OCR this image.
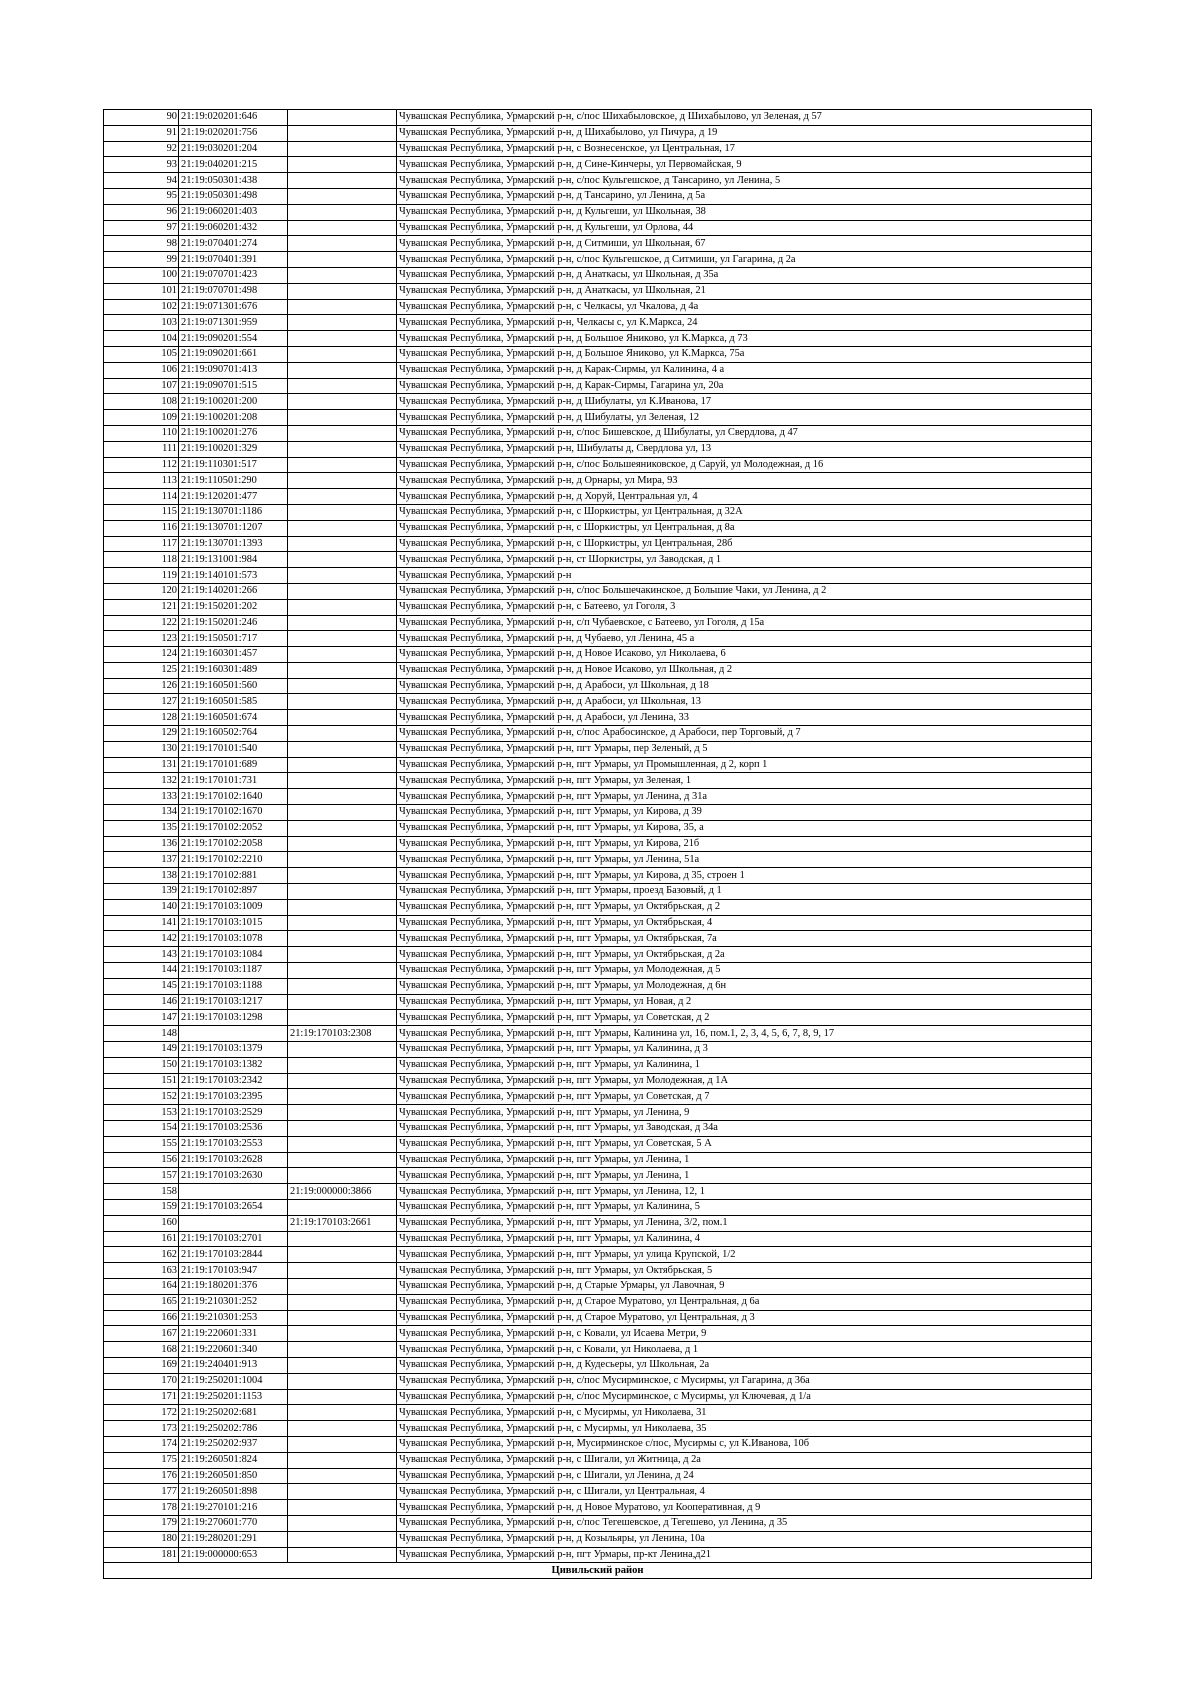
90	21:19:020201:646		Чувашская Республика, Урмарский р-н, с/пос Шихабыловское, д Шихабылово, ул Зеленая, д 57
91	21:19:020201:756		Чувашская Республика, Урмарский р-н, д Шихабылово, ул Пичура, д 19
92	21:19:030201:204		Чувашская Республика, Урмарский р-н, с Вознесенское, ул Центральная, 17
93	21:19:040201:215		Чувашская Республика, Урмарский р-н, д Сине-Кинчеры, ул Первомайская, 9
94	21:19:050301:438		Чувашская Республика, Урмарский р-н, с/пос Кульгешское, д Тансарино, ул Ленина, 5
95	21:19:050301:498		Чувашская Республика, Урмарский р-н, д Тансарино, ул Ленина, д 5а
96	21:19:060201:403		Чувашская Республика, Урмарский р-н, д Кульгеши, ул Школьная, 38
97	21:19:060201:432		Чувашская Республика, Урмарский р-н, д Кульгеши, ул Орлова, 44
98	21:19:070401:274		Чувашская Республика, Урмарский р-н, д Ситмиши, ул Школьная, 67
99	21:19:070401:391		Чувашская Республика, Урмарский р-н, с/пос Кульгешское, д Ситмиши, ул Гагарина, д 2а
100	21:19:070701:423		Чувашская Республика, Урмарский р-н, д Анаткасы, ул Школьная, д 35а
101	21:19:070701:498		Чувашская Республика, Урмарский р-н, д Анаткасы, ул Школьная, 21
102	21:19:071301:676		Чувашская Республика, Урмарский р-н, с Челкасы, ул Чкалова, д 4а
103	21:19:071301:959		Чувашская Республика, Урмарский р-н, Челкасы с, ул К.Маркса, 24
104	21:19:090201:554		Чувашская Республика, Урмарский р-н, д Большое Яниково, ул К.Маркса, д 73
105	21:19:090201:661		Чувашская Республика, Урмарский р-н, д Большое Яниково, ул К.Маркса, 75а
106	21:19:090701:413		Чувашская Республика, Урмарский р-н, д Карак-Сирмы, ул Калинина, 4 а
107	21:19:090701:515		Чувашская Республика, Урмарский р-н, д Карак-Сирмы, Гагарина ул, 20а
108	21:19:100201:200		Чувашская Республика, Урмарский р-н, д Шибулаты, ул К.Иванова, 17
109	21:19:100201:208		Чувашская Республика, Урмарский р-н, д Шибулаты, ул Зеленая, 12
110	21:19:100201:276		Чувашская Республика, Урмарский р-н, с/пос Бишевское, д Шибулаты, ул Свердлова, д 47
111	21:19:100201:329		Чувашская Республика, Урмарский р-н, Шибулаты д, Свердлова ул, 13
112	21:19:110301:517		Чувашская Республика, Урмарский р-н, с/пос Большеяниковское, д Саруй, ул Молодежная, д 16
113	21:19:110501:290		Чувашская Республика, Урмарский р-н, д Орнары, ул Мира, 93
114	21:19:120201:477		Чувашская Республика, Урмарский р-н, д Хоруй, Центральная ул, 4
115	21:19:130701:1186		Чувашская Республика, Урмарский р-н, с Шоркистры, ул Центральная, д 32А
116	21:19:130701:1207		Чувашская Республика, Урмарский р-н, с Шоркистры, ул Центральная, д 8а
117	21:19:130701:1393		Чувашская Республика, Урмарский р-н, с Шоркистры, ул Центральная, 28б
118	21:19:131001:984		Чувашская Республика, Урмарский р-н, ст Шоркистры, ул Заводская, д 1
119	21:19:140101:573		Чувашская Республика, Урмарский р-н
120	21:19:140201:266		Чувашская Республика, Урмарский р-н, с/пос Большечакинское, д Большие Чаки, ул Ленина, д 2
121	21:19:150201:202		Чувашская Республика, Урмарский р-н, с Батеево, ул Гоголя, 3
122	21:19:150201:246		Чувашская Республика, Урмарский р-н, с/п Чубаевское, с Батеево, ул Гоголя, д 15а
123	21:19:150501:717		Чувашская Республика, Урмарский р-н, д Чубаево, ул Ленина, 45 а
124	21:19:160301:457		Чувашская Республика, Урмарский р-н, д Новое Исаково, ул Николаева, 6
125	21:19:160301:489		Чувашская Республика, Урмарский р-н, д Новое Исаково, ул Школьная, д 2
126	21:19:160501:560		Чувашская Республика, Урмарский р-н, д Арабоси, ул Школьная, д 18
127	21:19:160501:585		Чувашская Республика, Урмарский р-н, д Арабоси, ул Школьная, 13
128	21:19:160501:674		Чувашская Республика, Урмарский р-н, д Арабоси, ул Ленина, 33
129	21:19:160502:764		Чувашская Республика, Урмарский р-н, с/пос Арабосинское, д Арабоси, пер Торговый, д 7
130	21:19:170101:540		Чувашская Республика, Урмарский р-н, пгт Урмары, пер Зеленый, д 5
131	21:19:170101:689		Чувашская Республика, Урмарский р-н, пгт Урмары, ул Промышленная, д 2, корп 1
132	21:19:170101:731		Чувашская Республика, Урмарский р-н, пгт Урмары, ул Зеленая, 1
133	21:19:170102:1640		Чувашская Республика, Урмарский р-н, пгт Урмары, ул Ленина, д 31а
134	21:19:170102:1670		Чувашская Республика, Урмарский р-н, пгт Урмары, ул Кирова, д 39
135	21:19:170102:2052		Чувашская Республика, Урмарский р-н, пгт Урмары, ул Кирова, 35, а
136	21:19:170102:2058		Чувашская Республика, Урмарский р-н, пгт Урмары, ул Кирова, 21б
137	21:19:170102:2210		Чувашская Республика, Урмарский р-н, пгт Урмары, ул Ленина, 51а
138	21:19:170102:881		Чувашская Республика, Урмарский р-н, пгт Урмары, ул Кирова, д 35, строен 1
139	21:19:170102:897		Чувашская Республика, Урмарский р-н, пгт Урмары, проезд Базовый, д 1
140	21:19:170103:1009		Чувашская Республика, Урмарский р-н, пгт Урмары, ул Октябрьская, д 2
141	21:19:170103:1015		Чувашская Республика, Урмарский р-н, пгт Урмары, ул Октябрьская, 4
142	21:19:170103:1078		Чувашская Республика, Урмарский р-н, пгт Урмары, ул Октябрьская, 7а
143	21:19:170103:1084		Чувашская Республика, Урмарский р-н, пгт Урмары, ул Октябрьская, д 2а
144	21:19:170103:1187		Чувашская Республика, Урмарский р-н, пгт Урмары, ул Молодежная, д 5
145	21:19:170103:1188		Чувашская Республика, Урмарский р-н, пгт Урмары, ул Молодежная, д 6н
146	21:19:170103:1217		Чувашская Республика, Урмарский р-н, пгт Урмары, ул Новая, д 2
147	21:19:170103:1298		Чувашская Республика, Урмарский р-н, пгт Урмары, ул Советская, д 2
148		21:19:170103:2308	Чувашская Республика, Урмарский р-н, пгт Урмары, Калинина ул, 16, пом.1, 2, 3, 4, 5, 6, 7, 8, 9, 17
149	21:19:170103:1379		Чувашская Республика, Урмарский р-н, пгт Урмары, ул Калинина, д 3
150	21:19:170103:1382		Чувашская Республика, Урмарский р-н, пгт Урмары, ул Калинина, 1
151	21:19:170103:2342		Чувашская Республика, Урмарский р-н, пгт Урмары, ул Молодежная, д 1А
152	21:19:170103:2395		Чувашская Республика, Урмарский р-н, пгт Урмары, ул Советская, д 7
153	21:19:170103:2529		Чувашская Республика, Урмарский р-н, пгт Урмары, ул Ленина, 9
154	21:19:170103:2536		Чувашская Республика, Урмарский р-н, пгт Урмары, ул Заводская, д 34а
155	21:19:170103:2553		Чувашская Республика, Урмарский р-н, пгт Урмары, ул Советская, 5 А
156	21:19:170103:2628		Чувашская Республика, Урмарский р-н, пгт Урмары, ул Ленина, 1
157	21:19:170103:2630		Чувашская Республика, Урмарский р-н, пгт Урмары, ул Ленина, 1
158		21:19:000000:3866	Чувашская Республика, Урмарский р-н, пгт Урмары, ул Ленина, 12, 1
159	21:19:170103:2654		Чувашская Республика, Урмарский р-н, пгт Урмары, ул Калинина, 5
160		21:19:170103:2661	Чувашская Республика, Урмарский р-н, пгт Урмары, ул Ленина, 3/2, пом.1
161	21:19:170103:2701		Чувашская Республика, Урмарский р-н, пгт Урмары, ул Калинина, 4
162	21:19:170103:2844		Чувашская Республика, Урмарский р-н, пгт Урмары, ул улица Крупской, 1/2
163	21:19:170103:947		Чувашская Республика, Урмарский р-н, пгт Урмары, ул Октябрьская, 5
164	21:19:180201:376		Чувашская Республика, Урмарский р-н, д Старые Урмары, ул Лавочная, 9
165	21:19:210301:252		Чувашская Республика, Урмарский р-н, д Старое Муратово, ул Центральная, д 6а
166	21:19:210301:253		Чувашская Республика, Урмарский р-н, д Старое Муратово, ул Центральная, д 3
167	21:19:220601:331		Чувашская Республика, Урмарский р-н, с Ковали, ул Исаева Метри, 9
168	21:19:220601:340		Чувашская Республика, Урмарский р-н, с Ковали, ул Николаева, д 1
169	21:19:240401:913		Чувашская Республика, Урмарский р-н, д Кудесьеры, ул Школьная, 2а
170	21:19:250201:1004		Чувашская Республика, Урмарский р-н, с/пос Мусирминское, с Мусирмы, ул Гагарина, д 36а
171	21:19:250201:1153		Чувашская Республика, Урмарский р-н, с/пос Мусирминское, с Мусирмы, ул Ключевая, д 1/а
172	21:19:250202:681		Чувашская Республика, Урмарский р-н, с Мусирмы, ул Николаева, 31
173	21:19:250202:786		Чувашская Республика, Урмарский р-н, с Мусирмы, ул Николаева, 35
174	21:19:250202:937		Чувашская Республика, Урмарский р-н, Мусирминское с/пос, Мусирмы с, ул К.Иванова, 10б
175	21:19:260501:824		Чувашская Республика, Урмарский р-н, с Шигали, ул Житница, д 2а
176	21:19:260501:850		Чувашская Республика, Урмарский р-н, с Шигали, ул Ленина, д 24
177	21:19:260501:898		Чувашская Республика, Урмарский р-н, с Шигали, ул Центральная, 4
178	21:19:270101:216		Чувашская Республика, Урмарский р-н, д Новое Муратово, ул Кооперативная, д 9
179	21:19:270601:770		Чувашская Республика, Урмарский р-н, с/пос Тегешевское, д Тегешево, ул Ленина, д 35
180	21:19:280201:291		Чувашская Республика, Урмарский р-н, д Козыльяры, ул Ленина, 10а
181	21:19:000000:653		Чувашская Республика, Урмарский р-н, пгт Урмары, пр-кт Ленина,д21
Цивильский район			
